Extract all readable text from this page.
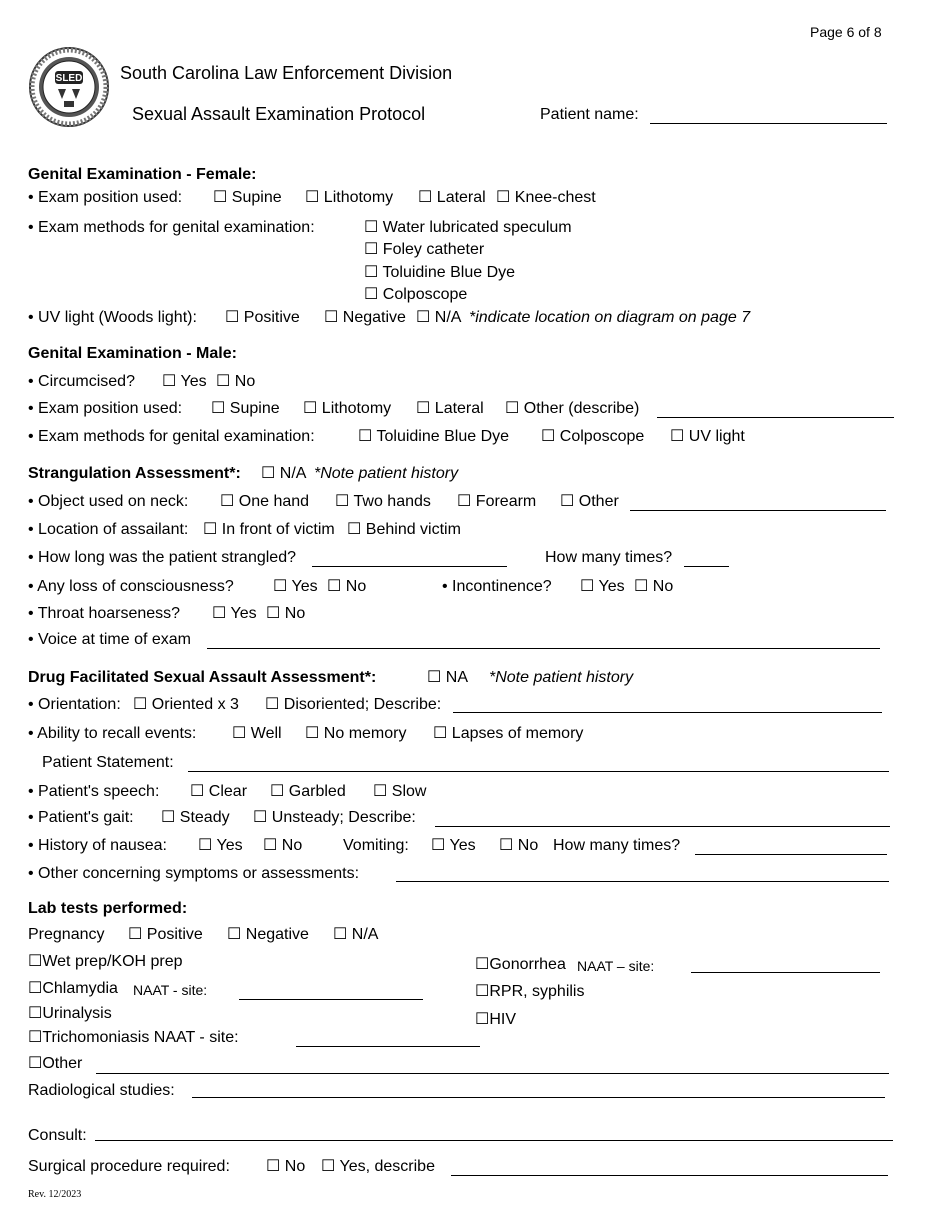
Page 6 of 8
SLED South Carolina Law Enforcement Division
Sexual Assault Examination Protocol	Patient name:
Genital Examination - Female:
• Exam position used: ☐ Supine ☐ Lithotomy ☐ Lateral ☐ Knee-chest
• Exam methods for genital examination:	☐ Water lubricated speculum
☐ Foley catheter
☐ Toluidine Blue Dye
☐ Colposcope
• UV light (Woods light): ☐ Positive ☐ Negative ☐ N/A *indicate location on diagram on page 7
Genital Examination - Male:
• Circumcised? ☐ Yes ☐ No
• Exam position used: ☐ Supine ☐ Lithotomy ☐ Lateral ☐ Other (describe)
• Exam methods for genital examination:	☐ Toluidine Blue Dye ☐ Colposcope ☐ UV light
Strangulation Assessment*: ☐ N/A *Note patient history
• Object used on neck: ☐ One hand ☐ Two hands ☐ Forearm ☐ Other
• Location of assailant: ☐ In front of victim ☐ Behind victim
• How long was the patient strangled?	How many times?
• Any loss of consciousness? ☐ Yes ☐ No	• Incontinence? ☐ Yes ☐ No
• Throat hoarseness? ☐ Yes ☐ No
• Voice at time of exam
Drug Facilitated Sexual Assault Assessment*:	☐ NA *Note patient history
• Orientation: ☐ Oriented x 3 ☐ Disoriented; Describe:
• Ability to recall events: ☐ Well ☐ No memory ☐ Lapses of memory
Patient Statement:
• Patient's speech: ☐ Clear ☐ Garbled ☐ Slow
• Patient's gait: ☐ Steady ☐ Unsteady; Describe:
• History of nausea: ☐ Yes ☐ No	Vomiting: ☐ Yes ☐ No How many times?
• Other concerning symptoms or assessments:
Lab tests performed:
Pregnancy ☐ Positive ☐ Negative ☐ N/A
☐Wet prep/KOH prep
☐Chlamydia NAAT - site:
☐Urinalysis
☐Trichomoniasis NAAT - site:
☐Other
☐Gonorrhea NAAT – site:
☐RPR, syphilis
☐HIV
Radiological studies:
Consult:
Surgical procedure required: ☐ No ☐ Yes, describe
Rev. 12/2023
